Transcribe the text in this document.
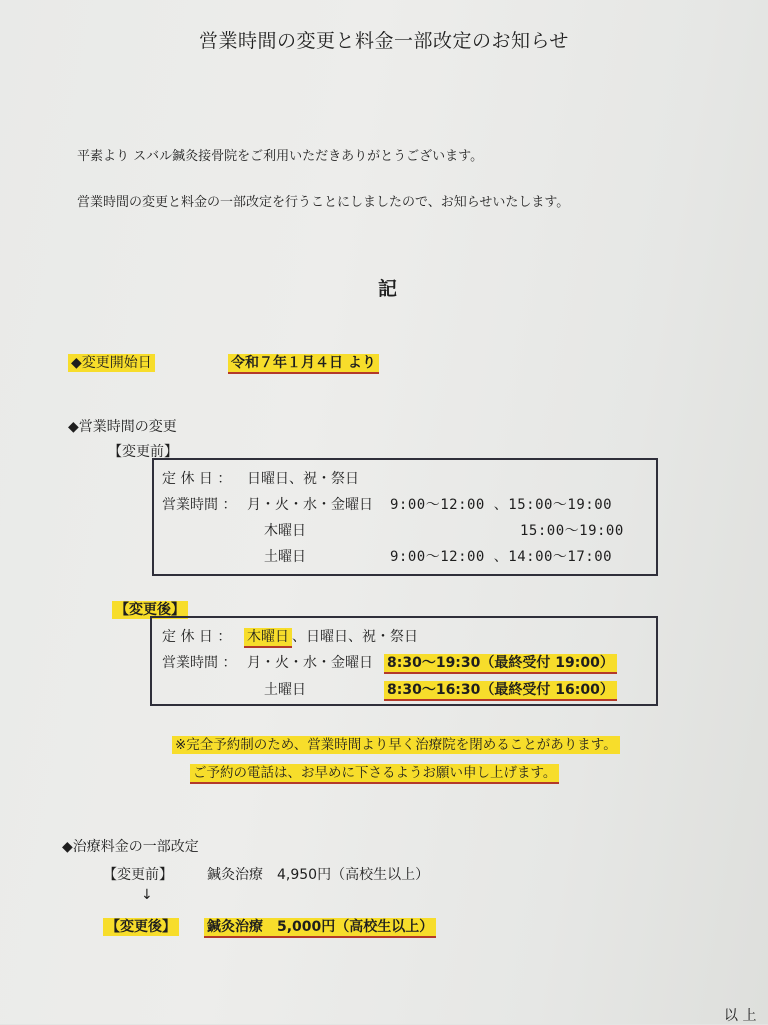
営業時間の変更と料金一部改定のお知らせ
平素より スバル鍼灸接骨院をご利用いただきありがとうございます。
営業時間の変更と料金の一部改定を行うことにしましたので、お知らせいたします。
記
◆変更開始日	令和７年１月４日 より
◆営業時間の変更
【変更前】
定 休 日 ： 日曜日、祝・祭日
営業時間 ： 月・火・水・金曜日 9:00～12:00 、15:00～19:00
木曜日	15:00～19:00
土曜日	9:00～12:00 、14:00～17:00
【変更後】
定 休 日 ： 木曜日 、日曜日、祝・祭日
営業時間 ： 月・火・水・金曜日 8:30～19:30（最終受付 19:00）
土曜日	8:30～16:30（最終受付 16:00）
※完全予約制のため、営業時間より早く治療院を閉めることがあります。
ご予約の電話は、お早めに下さるようお願い申し上げます。
◆治療料金の一部改定
【変更前】 鍼灸治療　4,950円（高校生以上）
↓
【変更後】 鍼灸治療　5,000円（高校生以上）
以 上
